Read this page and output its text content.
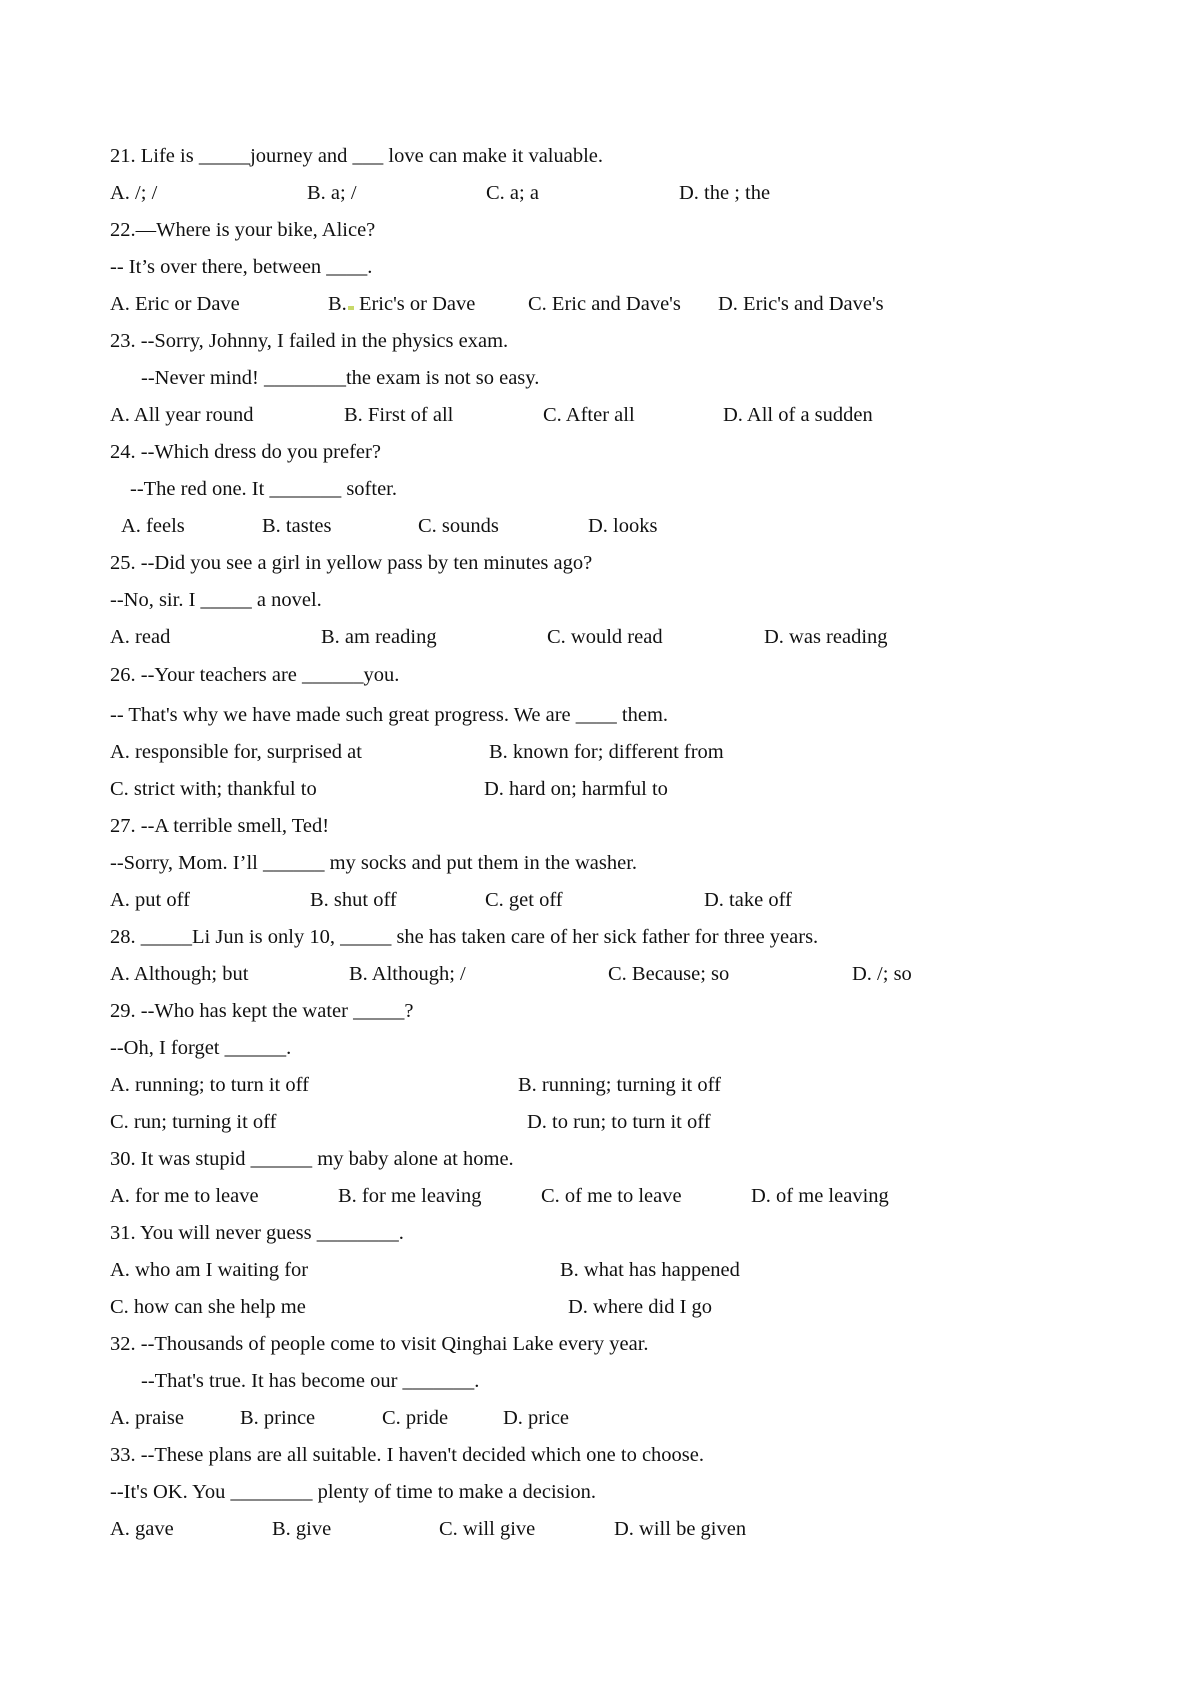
21. Life is _____journey and ___ love can make it valuable.
A. /; /	B. a; /	C. a; a	D. the ; the
22.—Where is your bike, Alice?
-- It’s over there, between ____.
A. Eric or Dave	B. Eric's or Dave	C. Eric and Dave's D. Eric's and Dave's
23. --Sorry, Johnny, I failed in the physics exam.
--Never mind! ________the exam is not so easy.
A. All year round	B. First of all	C. After all	D. All of a sudden
24. --Which dress do you prefer?
--The red one. It _______ softer.
A. feels	B. tastes	C. sounds	D. looks
25. --Did you see a girl in yellow pass by ten minutes ago?
--No, sir. I _____ a novel.
A. read	B. am reading	C. would read	D. was reading
26. --Your teachers are ______you.
-- That's why we have made such great progress. We are ____ them.
A. responsible for, surprised at	B. known for; different from
C. strict with; thankful to	D. hard on; harmful to
27. --A terrible smell, Ted!
--Sorry, Mom. I’ll ______ my socks and put them in the washer.
A. put off	B. shut off	C. get off	D. take off
28. _____Li Jun is only 10, _____ she has taken care of her sick father for three years.
A. Although; but	B. Although; /	C. Because; so	D. /; so
29. --Who has kept the water _____?
--Oh, I forget ______.
A. running; to turn it off	B. running; turning it off
C. run; turning it off	D. to run; to turn it off
30. It was stupid ______ my baby alone at home.
A. for me to leave	B. for me leaving	C. of me to leave	D. of me leaving
31. You will never guess ________.
A. who am I waiting for	B. what has happened
C. how can she help me	D. where did I go
32. --Thousands of people come to visit Qinghai Lake every year.
--That's true. It has become our _______.
A. praise	B. prince	C. pride	D. price
33. --These plans are all suitable. I haven't decided which one to choose.
--It's OK. You ________ plenty of time to make a decision.
A. gave	B. give	C. will give	D. will be given
